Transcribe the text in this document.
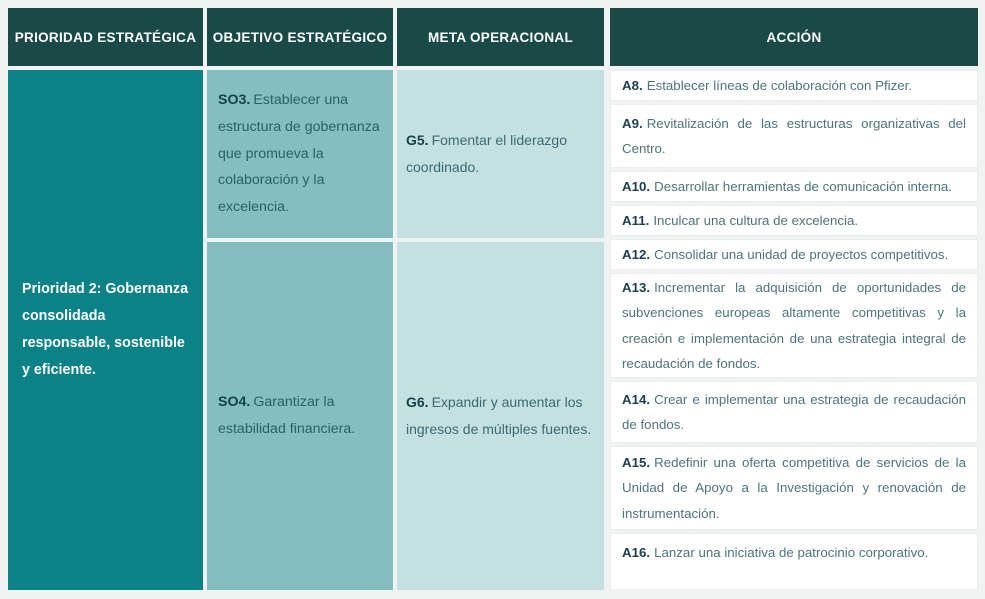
PRIORIDAD ESTRATÉGICA

Prioridad 2: Gobernanza consolidada responsable, sostenible y eficiente.

OBJETIVO ESTRATÉGICO

SO3. Establecer una estructura de gobernanza que promueva la colaboración y la excelencia.

SO4. Garantizar la estabilidad financiera.

META OPERACIONAL

G5. Fomentar el liderazgo coordinado.

G6. Expandir y aumentar los ingresos de múltiples fuentes.

ACCIÓN

A8. Establecer líneas de colaboración con Pfizer.

A9. Revitalización de las estructuras organizativas del Centro.

A10. Desarrollar herramientas de comunicación interna.

A11. Inculcar una cultura de excelencia.

A12. Consolidar una unidad de proyectos competitivos.

A13. Incrementar la adquisición de oportunidades de subvenciones europeas altamente competitivas y la creación e implementación de una estrategia integral de recaudación de fondos.

A14. Crear e implementar una estrategia de recaudación de fondos.

A15. Redefinir una oferta competitiva de servicios de la Unidad de Apoyo a la Investigación y renovación de instrumentación.

A16. Lanzar una iniciativa de patrocinio corporativo.
